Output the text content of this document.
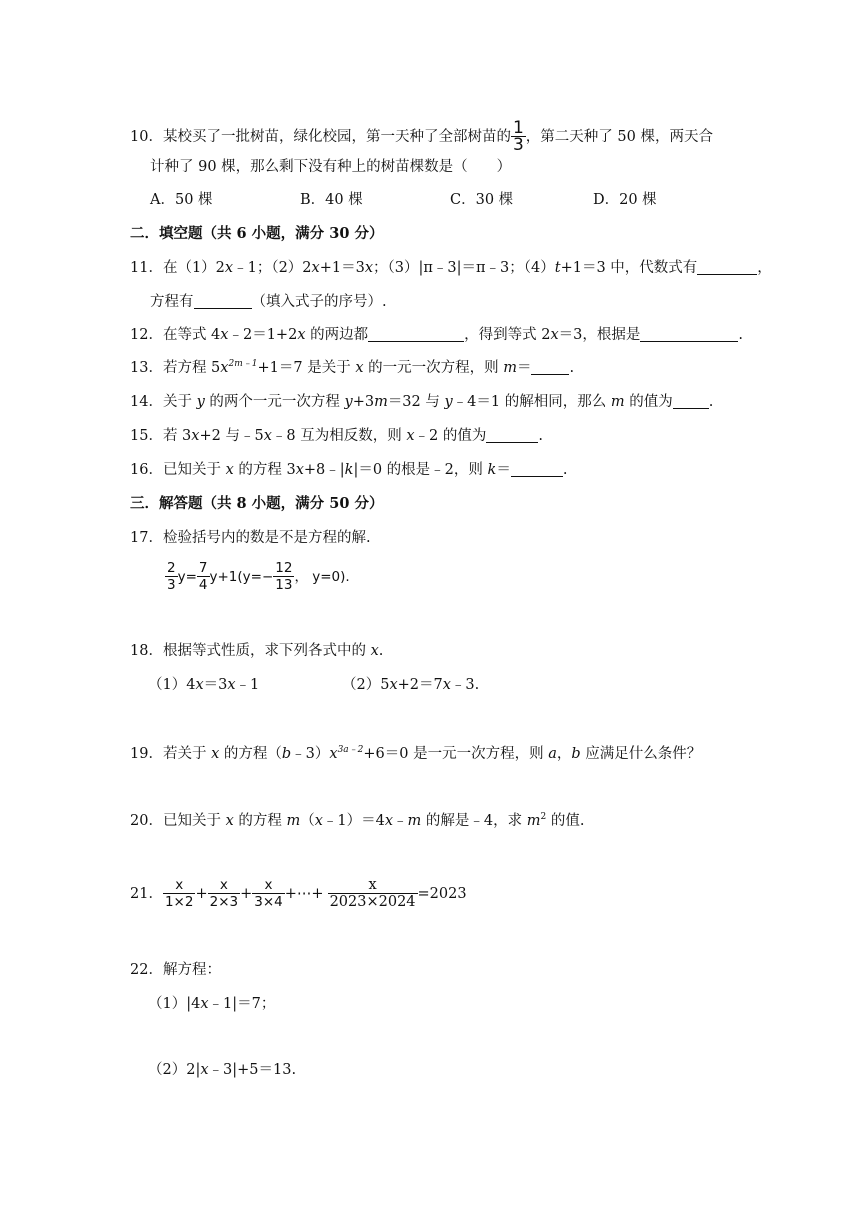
10．某校买了一批树苗，绿化校园，第一天种了全部树苗的 $\frac{1}{3}$ ，第二天种了 50 棵，两天合
计种了 90 棵，那么剩下没有种上的树苗棵数是（　　）
A．50 棵	B．40 棵	C．30 棵	D．20 棵
二．填空题（共 6 小题，满分 30 分）
11．在（1）2x﹣1；（2）2x+1＝3x；（3）|π﹣3|＝π﹣3；（4）t+1＝3 中，代数式有	，
方程有	（填入式子的序号）.
12．在等式 4x﹣2＝1+2x 的两边都	，得到等式 2x＝3，根据是	.
13．若方程 $5x^{2m﹣1}+1=7$ 是关于 x 的一元一次方程，则 m＝	.
14．关于 y 的两个一元一次方程 y+3m＝32 与 y﹣4＝1 的解相同，那么 m 的值为 .
15．若 3x+2 与﹣5x﹣8 互为相反数，则 x﹣2 的值为	.
16．已知关于 x 的方程 3x+8﹣|k|＝0 的根是﹣2，则 k＝	.
三．解答题（共 8 小题，满分 50 分）
17．检验括号内的数是不是方程的解.
$\frac{2}{3} y= \frac{7}{4} y+1(y=- \frac{12}{13}$ ， y=0).
18．根据等式性质，求下列各式中的 x.
（1）4x＝3x﹣1	（2）5x+2＝7x﹣3.
19．若关于 x 的方程$(b﹣3)x^{3a﹣2}+6=0$ 是一元一次方程，则 a，b 应满足什么条件？
20．已知关于 x 的方程 m（x﹣1）＝4x﹣m 的解是﹣4，求 $m^2$ 的值.
21． $\frac{x}{1\times 2} + \frac{x}{2\times 3} + \frac{x}{3\times 4}$ +⋯+ $\frac{x}{2023\times 2024} =2023$
22．解方程：
（1）|4x﹣1|＝7；
（2）2|x﹣3|+5＝13.
